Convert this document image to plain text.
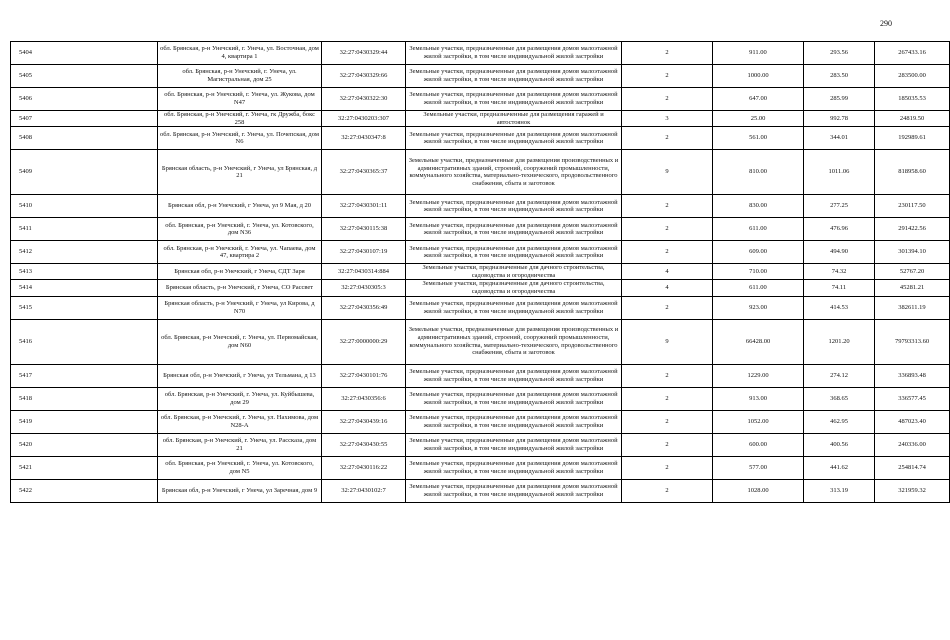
290
5404	обл. Брянская, р-н Унечский, г. Унеча, ул. Восточная, дом 4, квартира 1	32:27:0430329:44	Земельные участки, предназначенные для размещения домов малоэтажной жилой застройки, в том числе индивидуальной жилой застройки	2	911.00	293.56	267433.16
5405	обл. Брянская, р-н Унечский, г. Унеча, ул. Магистральная, дом 25	32:27:0430329:66	Земельные участки, предназначенные для размещения домов малоэтажной жилой застройки, в том числе индивидуальной жилой застройки	2	1000.00	283.50	283500.00
5406	обл. Брянская, р-н Унечский, г. Унеча, ул. Жукова, дом N47	32:27:0430322:30	Земельные участки, предназначенные для размещения домов малоэтажной жилой застройки, в том числе индивидуальной жилой застройки	2	647.00	285.99	185035.53
5407	обл. Брянская, р-н Унечский, г. Унеча, гк Дружба, бокс 258	32:27:0430203:307	Земельные участки, предназначенные для размещения гаражей и автостоянок	3	25.00	992.78	24819.50
5408	обл. Брянская, р-н Унечский, г. Унеча, ул. Почепская, дом N6	32:27:0430347:8	Земельные участки, предназначенные для размещения домов малоэтажной жилой застройки, в том числе индивидуальной жилой застройки	2	561.00	344.01	192989.61
5409	Брянская область, р-н Унечский, г Унеча, ул Брянская, д 21	32:27:0430365:37	Земельные участки, предназначенные для размещения производственных и административных зданий, строений, сооружений промышленности, коммунального хозяйства, материально-технического, продовольственного снабжения, сбыта и заготовок	9	810.00	1011.06	818958.60
5410	Брянская обл, р-н Унечский, г Унеча, ул 9 Мая, д 20	32:27:0430301:11	Земельные участки, предназначенные для размещения домов малоэтажной жилой застройки, в том числе индивидуальной жилой застройки	2	830.00	277.25	230117.50
5411	обл. Брянская, р-н Унечский, г. Унеча, ул. Котовского, дом N36	32:27:0430115:38	Земельные участки, предназначенные для размещения домов малоэтажной жилой застройки, в том числе индивидуальной жилой застройки	2	611.00	476.96	291422.56
5412	обл. Брянская, р-н Унечский, г. Унеча, ул. Чапаева, дом 47, квартира 2	32:27:0430107:19	Земельные участки, предназначенные для размещения домов малоэтажной жилой застройки, в том числе индивидуальной жилой застройки	2	609.00	494.90	301394.10
5413	Брянская обл, р-н Унечский, г Унеча, СДТ Заря	32:27:0430314:884	Земельные участки, предназначенные для дачного строительства, садоводства и огородничества	4	710.00	74.32	52767.20
5414	Брянская область, р-н Унечский, г Унеча, СО Рассвет	32:27:0430305:3	Земельные участки, предназначенные для дачного строительства, садоводства и огородничества	4	611.00	74.11	45281.21
5415	Брянская область, р-н Унечский, г Унеча, ул Кирова, д N70	32:27:0430356:49	Земельные участки, предназначенные для размещения домов малоэтажной жилой застройки, в том числе индивидуальной жилой застройки	2	923.00	414.53	382611.19
5416	обл. Брянская, р-н Унечский, г. Унеча, ул. Первомайская, дом N60	32:27:0000000:29	Земельные участки, предназначенные для размещения производственных и административных зданий, строений, сооружений промышленности, коммунального хозяйства, материально-технического, продовольственного снабжения, сбыта и заготовок	9	66428.00	1201.20	79793313.60
5417	Брянская обл, р-н Унечский, г Унеча, ул Тельмана, д 13	32:27:0430101:76	Земельные участки, предназначенные для размещения домов малоэтажной жилой застройки, в том числе индивидуальной жилой застройки	2	1229.00	274.12	336893.48
5418	обл. Брянская, р-н Унечский, г. Унеча, ул. Куйбышева, дом 29	32:27:0430356:6	Земельные участки, предназначенные для размещения домов малоэтажной жилой застройки, в том числе индивидуальной жилой застройки	2	913.00	368.65	336577.45
5419	обл. Брянская, р-н Унечский, г. Унеча, ул. Нахимова, дом N28-А	32:27:0430439:16	Земельные участки, предназначенные для размещения домов малоэтажной жилой застройки, в том числе индивидуальной жилой застройки	2	1052.00	462.95	487023.40
5420	обл. Брянская, р-н Унечский, г. Унеча, ул. Рассказа, дом 21	32:27:0430430:55	Земельные участки, предназначенные для размещения домов малоэтажной жилой застройки, в том числе индивидуальной жилой застройки	2	600.00	400.56	240336.00
5421	обл. Брянская, р-н Унечский, г. Унеча, ул. Котовского, дом N5	32:27:0430116:22	Земельные участки, предназначенные для размещения домов малоэтажной жилой застройки, в том числе индивидуальной жилой застройки	2	577.00	441.62	254814.74
5422	Брянская обл, р-н Унечский, г Унеча, ул Заречная, дом 9	32:27:0430102:7	Земельные участки, предназначенные для размещения домов малоэтажной жилой застройки, в том числе индивидуальной жилой застройки	2	1028.00	313.19	321959.32
